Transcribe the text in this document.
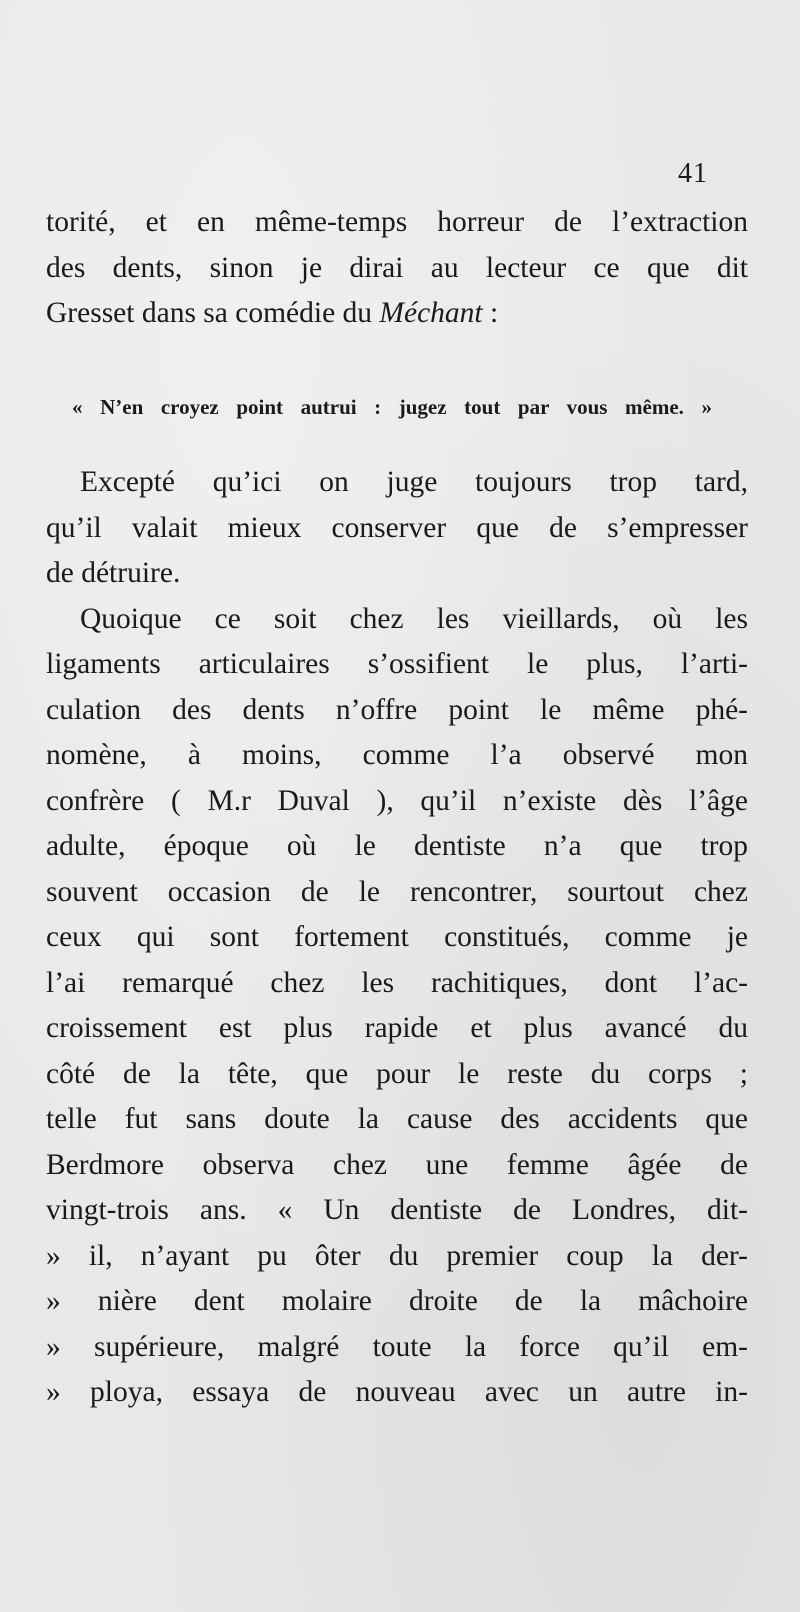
41
torité, et en même-temps horreur de l’extraction
des dents, sinon je dirai au lecteur ce que dit
Gresset dans sa comédie du Méchant :
« N’en croyez point autrui : jugez tout par vous même. »
Excepté qu’ici on juge toujours trop tard,
qu’il valait mieux conserver que de s’empresser
de détruire.
Quoique ce soit chez les vieillards, où les
ligaments articulaires s’ossifient le plus, l’arti-
culation des dents n’offre point le même phé-
nomène, à moins, comme l’a observé mon
confrère ( M.r Duval ), qu’il n’existe dès l’âge
adulte, époque où le dentiste n’a que trop
souvent occasion de le rencontrer, sourtout chez
ceux qui sont fortement constitués, comme je
l’ai remarqué chez les rachitiques, dont l’ac-
croissement est plus rapide et plus avancé du
côté de la tête, que pour le reste du corps ;
telle fut sans doute la cause des accidents que
Berdmore observa chez une femme âgée de
vingt-trois ans. « Un dentiste de Londres, dit-
» il, n’ayant pu ôter du premier coup la der-
» nière dent molaire droite de la mâchoire
» supérieure, malgré toute la force qu’il em-
» ploya, essaya de nouveau avec un autre in-
